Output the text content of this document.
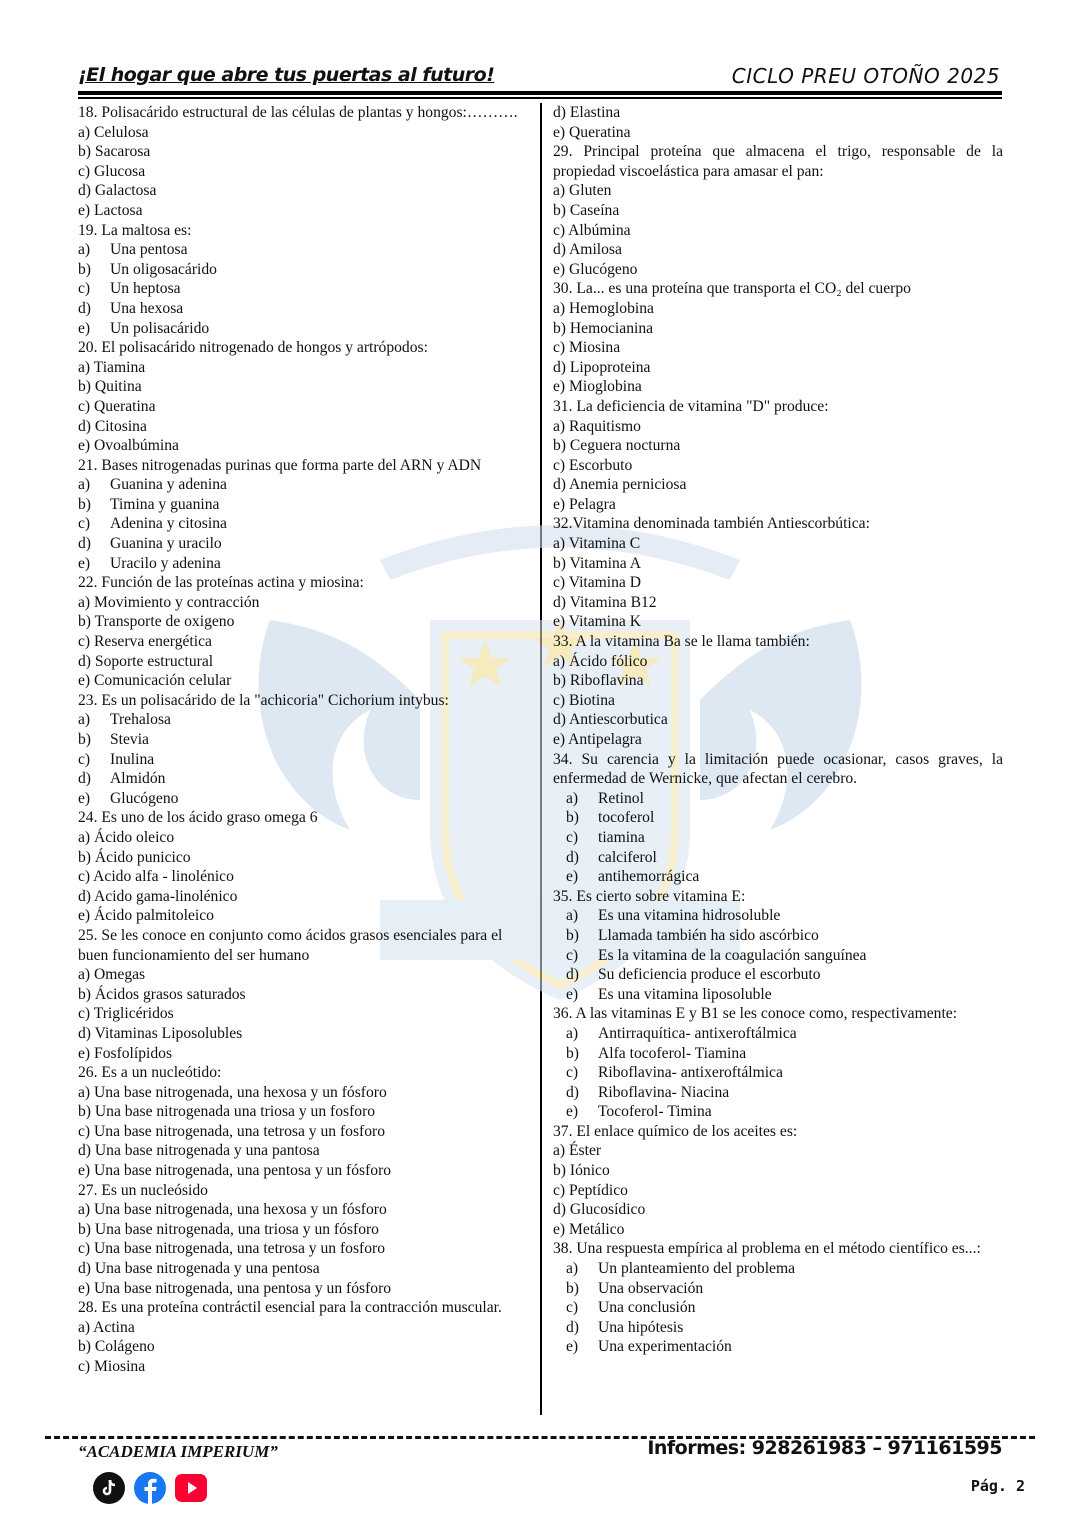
¡El hogar que abre tus puertas al futuro!	CICLO PREU OTOÑO 2025
18. Polisacárido estructural de las células de plantas y hongos:……….
a) Celulosa
b) Sacarosa
c) Glucosa
d) Galactosa
e) Lactosa
19. La maltosa es:
a) Una pentosa
b) Un oligosacárido
c) Un heptosa
d) Una hexosa
e) Un polisacárido
20. El polisacárido nitrogenado de hongos y artrópodos:
a) Tiamina
b) Quitina
c) Queratina
d) Citosina
e) Ovoalbúmina
21. Bases nitrogenadas purinas que forma parte del ARN y ADN
a) Guanina y adenina
b) Timina y guanina
c) Adenina y citosina
d) Guanina y uracilo
e) Uracilo y adenina
22. Función de las proteínas actina y miosina:
a) Movimiento y contracción
b) Transporte de oxigeno
c) Reserva energética
d) Soporte estructural
e) Comunicación celular
23. Es un polisacárido de la "achicoria" Cichorium intybus:
a) Trehalosa
b) Stevia
c) Inulina
d) Almidón
e) Glucógeno
24. Es uno de los ácido graso omega 6
a) Ácido oleico
b) Ácido punicico
c) Acido alfa - linolénico
d) Acido gama-linolénico
e) Ácido palmitoleico
25. Se les conoce en conjunto como ácidos grasos esenciales para el buen funcionamiento del ser humano
a) Omegas
b) Ácidos grasos saturados
c) Triglicéridos
d) Vitaminas Liposolubles
e) Fosfolípidos
26. Es a un nucleótido:
a) Una base nitrogenada, una hexosa y un fósforo
b) Una base nitrogenada una triosa y un fosforo
c) Una base nitrogenada, una tetrosa y un fosforo
d) Una base nitrogenada y una pantosa
e) Una base nitrogenada, una pentosa y un fósforo
27. Es un nucleósido
a) Una base nitrogenada, una hexosa y un fósforo
b) Una base nitrogenada, una triosa y un fósforo
c) Una base nitrogenada, una tetrosa y un fosforo
d) Una base nitrogenada y una pentosa
e) Una base nitrogenada, una pentosa y un fósforo
28. Es una proteína contráctil esencial para la contracción muscular.
a) Actina
b) Colágeno
c) Miosina
d) Elastina
e) Queratina
29. Principal proteína que almacena el trigo, responsable de la propiedad viscoelástica para amasar el pan:
a) Gluten
b) Caseína
c) Albúmina
d) Amilosa
e) Glucógeno
30. La... es una proteína que transporta el CO₂ del cuerpo
a) Hemoglobina
b) Hemocianina
c) Miosina
d) Lipoproteina
e) Mioglobina
31. La deficiencia de vitamina "D" produce:
a) Raquitismo
b) Ceguera nocturna
c) Escorbuto
d) Anemia perniciosa
e) Pelagra
32.Vitamina denominada también Antiescorbútica:
a) Vitamina C
b) Vitamina A
c) Vitamina D
d) Vitamina B12
e) Vitamina K
33. A la vitamina Ba se le llama también:
a) Ácido fólico
b) Riboflavina
c) Biotina
d) Antiescorbutica
e) Antipelagra
34. Su carencia y la limitación puede ocasionar, casos graves, la enfermedad de Wernicke, que afectan el cerebro.
a) Retinol
b) tocoferol
c) tiamina
d) calciferol
e) antihemorrágica
35. Es cierto sobre vitamina E:
a) Es una vitamina hidrosoluble
b) Llamada también ha sido ascórbico
c) Es la vitamina de la coagulación sanguínea
d) Su deficiencia produce el escorbuto
e) Es una vitamina liposoluble
36. A las vitaminas E y B1 se les conoce como, respectivamente:
a) Antirraquítica- antixeroftálmica
b) Alfa tocoferol- Tiamina
c) Riboflavina- antixeroftálmica
d) Riboflavina- Niacina
e) Tocoferol- Timina
37. El enlace químico de los aceites es:
a) Éster
b) Iónico
c) Peptídico
d) Glucosídico
e) Metálico
38. Una respuesta empírica al problema en el método científico es...:
a) Un planteamiento del problema
b) Una observación
c) Una conclusión
d) Una hipótesis
e) Una experimentación
“ACADEMIA IMPERIUM”	Informes: 928261983 – 971161595
Pág. 2
